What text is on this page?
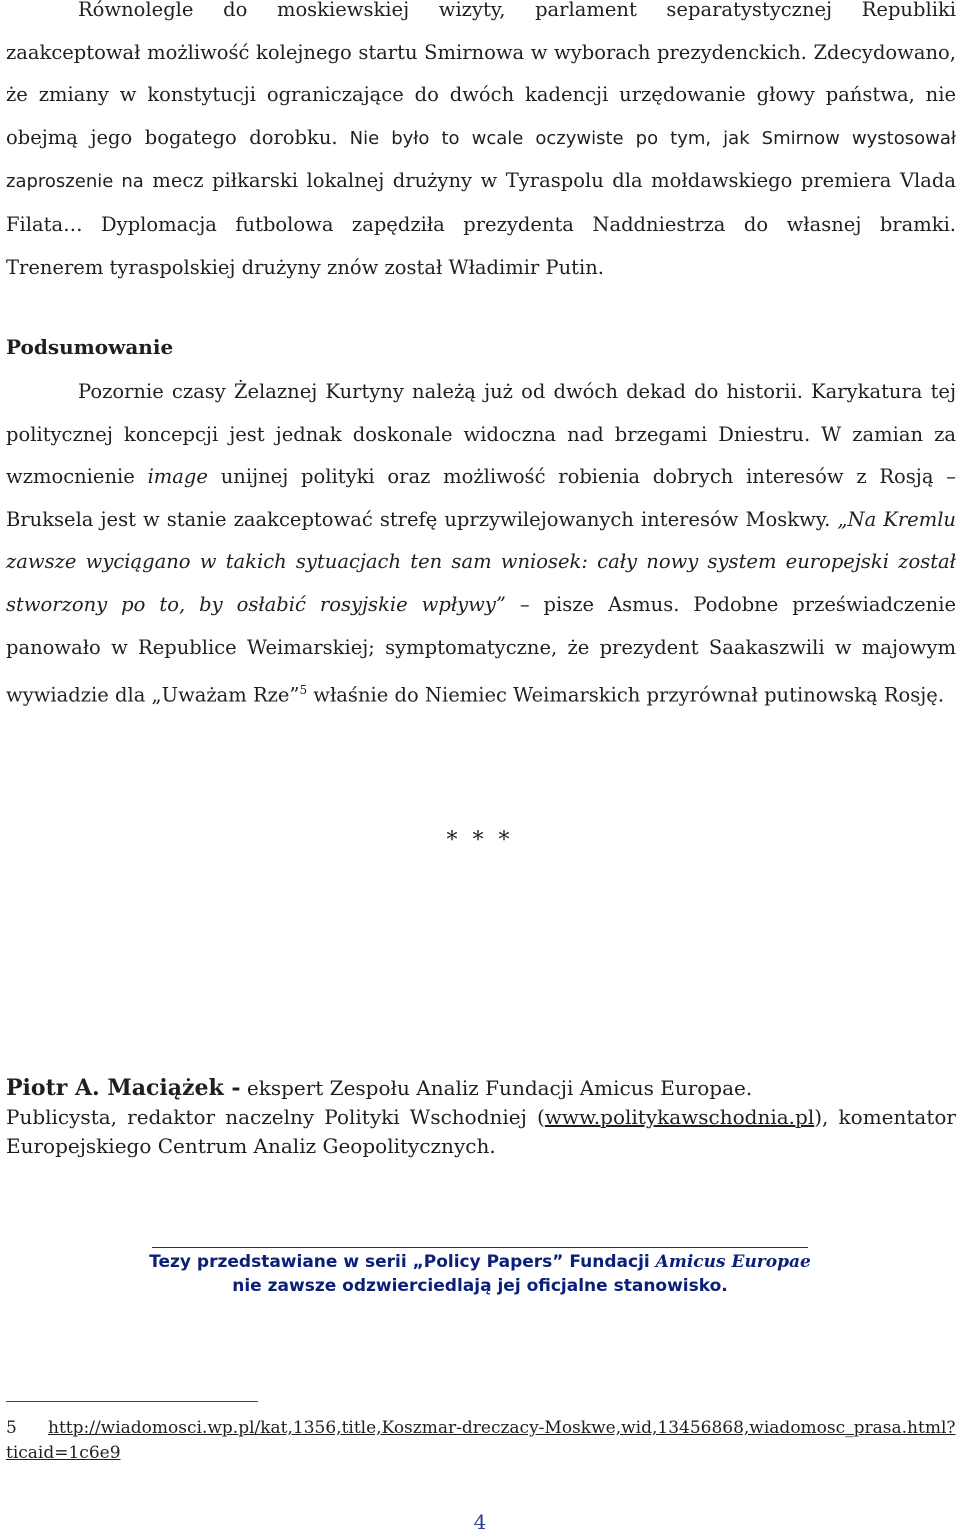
Równolegle do moskiewskiej wizyty, parlament separatystycznej Republiki zaakceptował możliwość kolejnego startu Smirnowa w wyborach prezydenckich. Zdecydowano, że zmiany w konstytucji ograniczające do dwóch kadencji urzędowanie głowy państwa, nie obejmą jego bogatego dorobku. Nie było to wcale oczywiste po tym, jak Smirnow wystosował zaproszenie na mecz piłkarski lokalnej drużyny w Tyraspolu dla mołdawskiego premiera Vlada Filata… Dyplomacja futbolowa zapędziła prezydenta Naddniestrza do własnej bramki. Trenerem tyraspolskiej drużyny znów został Władimir Putin.

Podsumowanie

Pozornie czasy Żelaznej Kurtyny należą już od dwóch dekad do historii. Karykatura tej politycznej koncepcji jest jednak doskonale widoczna nad brzegami Dniestru. W zamian za wzmocnienie image unijnej polityki oraz możliwość robienia dobrych interesów z Rosją – Bruksela jest w stanie zaakceptować strefę uprzywilejowanych interesów Moskwy. „Na Kremlu zawsze wyciągano w takich sytuacjach ten sam wniosek: cały nowy system europejski został stworzony po to, by osłabić rosyjskie wpływy” – pisze Asmus. Podobne przeświadczenie panowało w Republice Weimarskiej; symptomatyczne, że prezydent Saakaszwili w majowym wywiadzie dla „Uważam Rze”$^5$ właśnie do Niemiec Weimarskich przyrównał putinowską Rosję.

* * *

Piotr A. Maciążek - ekspert Zespołu Analiz Fundacji Amicus Europae.
Publicysta, redaktor naczelny Polityki Wschodniej (www.politykawschodnia.pl), komentator Europejskiego Centrum Analiz Geopolitycznych.

Tezy przedstawiane w serii „Policy Papers” Fundacji Amicus Europae
nie zawsze odzwierciedlają jej oficjalne stanowisko.

5 http://wiadomosci.wp.pl/kat,1356,title,Koszmar-dreczacy-Moskwe,wid,13456868,wiadomosc_prasa.html?ticaid=1c6e9

4
